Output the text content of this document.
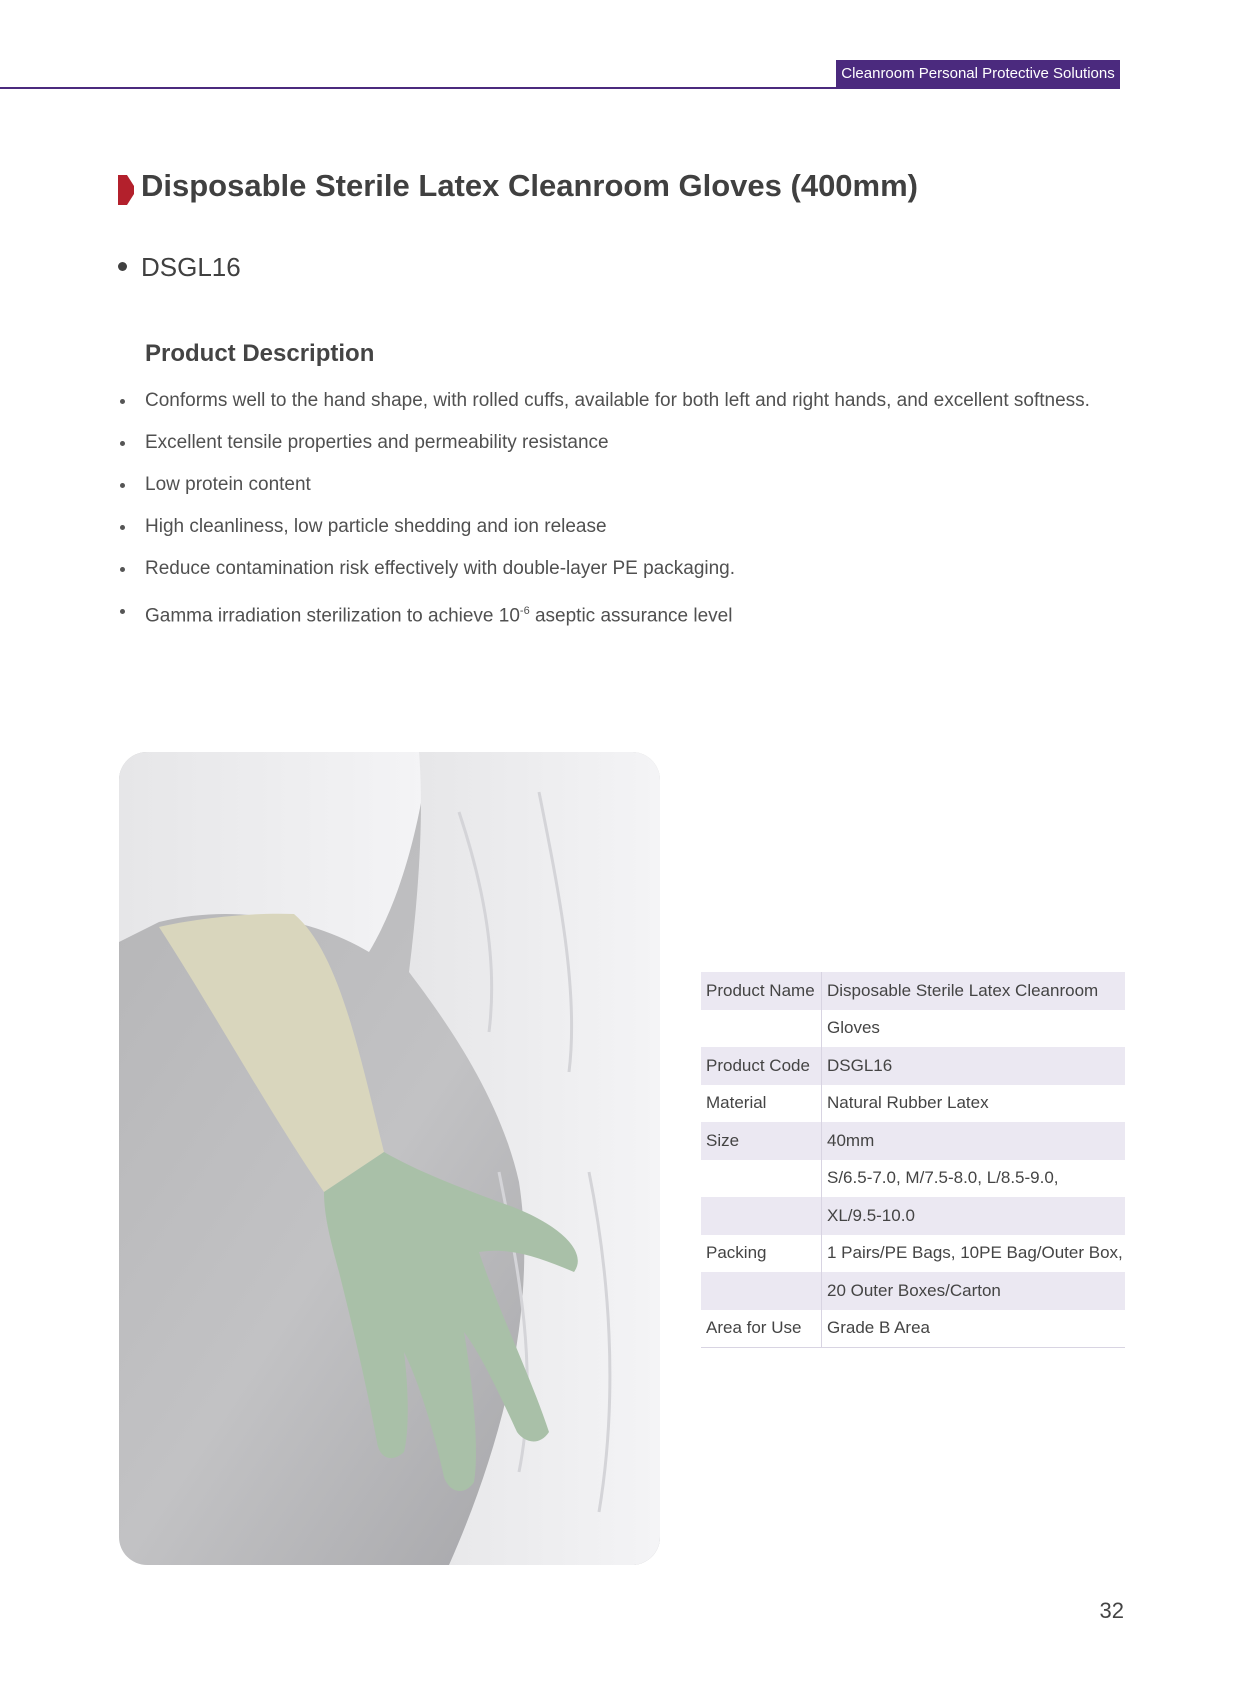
Cleanroom Personal Protective Solutions
Disposable Sterile Latex Cleanroom Gloves (400mm)
DSGL16
Product Description
Conforms well to the hand shape, with rolled cuffs, available for both left and right hands, and excellent softness.
Excellent tensile properties and permeability resistance
Low protein content
High cleanliness, low particle shedding and ion release
Reduce contamination risk effectively with double-layer PE packaging.
Gamma irradiation sterilization to achieve $10^{-6}$ aseptic assurance level
Product Name	Disposable Sterile Latex Cleanroom
	Gloves
Product Code	DSGL16
Material	Natural Rubber Latex
Size	40mm
	S/6.5-7.0, M/7.5-8.0, L/8.5-9.0,
	XL/9.5-10.0
Packing	1 Pairs/PE Bags, 10PE Bag/Outer Box,
	20 Outer Boxes/Carton
Area for Use	Grade B Area
32
